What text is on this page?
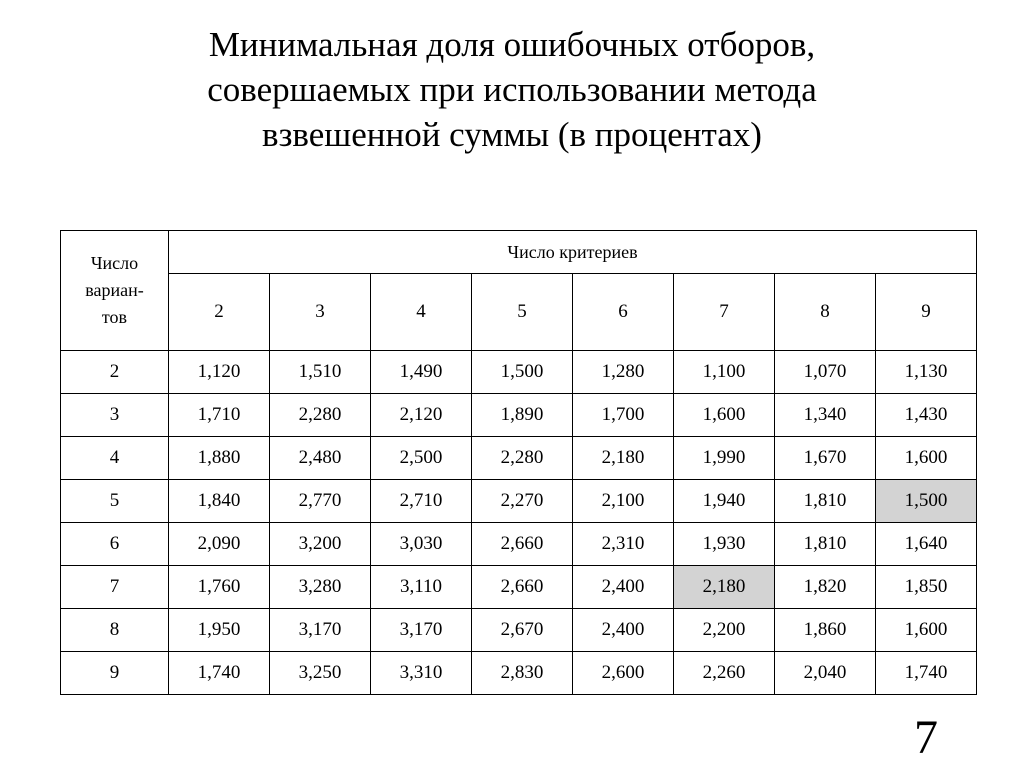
Минимальная доля ошибочных отборов,
совершаемых при использовании метода
взвешенной суммы (в процентах)
Число
вариан-
тов	Число критериев							
	2	3	4	5	6	7	8	9
2	1,120	1,510	1,490	1,500	1,280	1,100	1,070	1,130
3	1,710	2,280	2,120	1,890	1,700	1,600	1,340	1,430
4	1,880	2,480	2,500	2,280	2,180	1,990	1,670	1,600
5	1,840	2,770	2,710	2,270	2,100	1,940	1,810	1,500
6	2,090	3,200	3,030	2,660	2,310	1,930	1,810	1,640
7	1,760	3,280	3,110	2,660	2,400	2,180	1,820	1,850
8	1,950	3,170	3,170	2,670	2,400	2,200	1,860	1,600
9	1,740	3,250	3,310	2,830	2,600	2,260	2,040	1,740
7
